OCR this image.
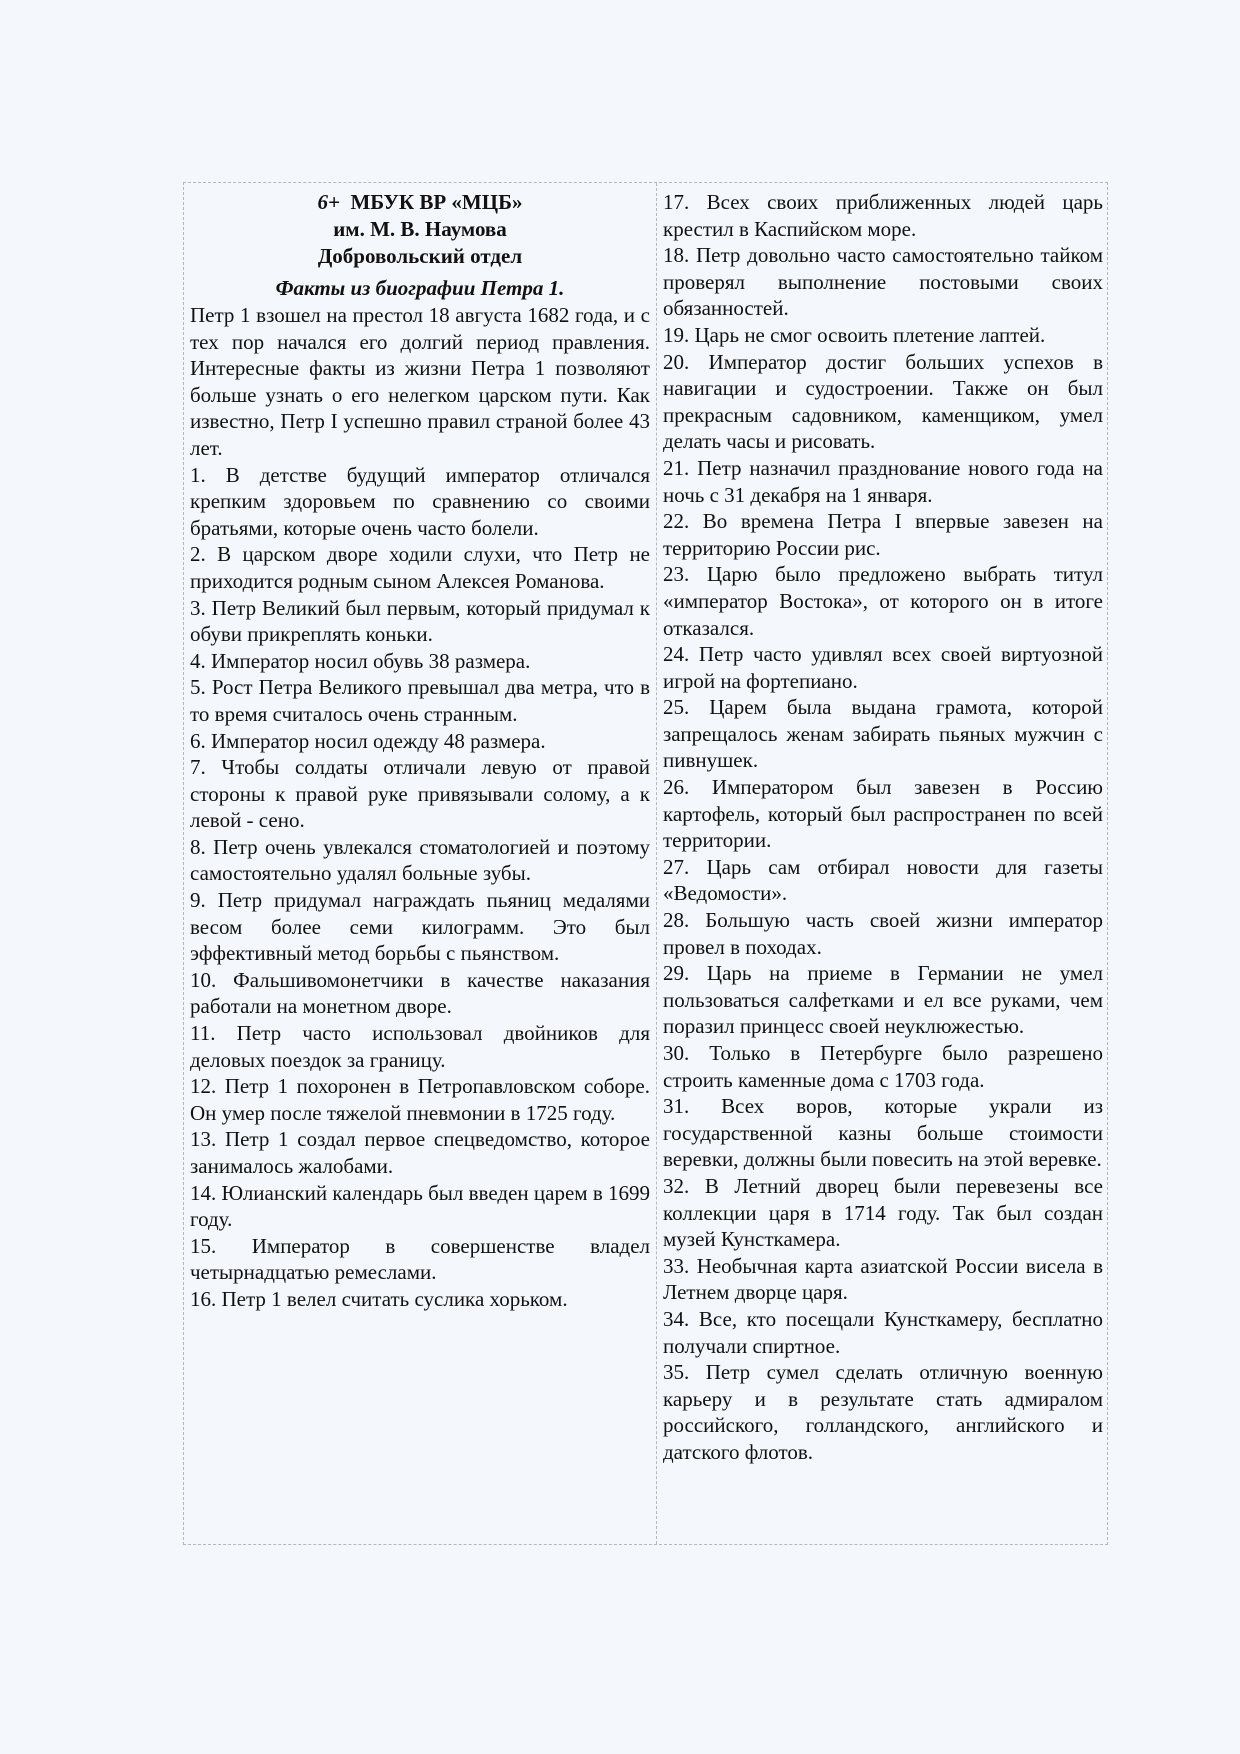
6+ МБУК ВР «МЦБ»

им. М. В. Наумова

Добровольский отдел

Факты из биографии Петра 1.

Петр 1 взошел на престол 18 августа 1682 года, и с тех пор начался его долгий период правления. Интересные факты из жизни Петра 1 позволяют больше узнать о его нелегком царском пути. Как известно, Петр I успешно правил страной более 43 лет.

1. В детстве будущий император отличался крепким здоровьем по сравнению со своими братьями, которые очень часто болели.

2. В царском дворе ходили слухи, что Петр не приходится родным сыном Алексея Романова.

3. Петр Великий был первым, который придумал к обуви прикреплять коньки.

4. Император носил обувь 38 размера.

5. Рост Петра Великого превышал два метра, что в то время считалось очень странным.

6. Император носил одежду 48 размера.

7. Чтобы солдаты отличали левую от правой стороны к правой руке привязывали солому, а к левой - сено.

8. Петр очень увлекался стоматологией и поэтому самостоятельно удалял больные зубы.

9. Петр придумал награждать пьяниц медалями весом более семи килограмм. Это был эффективный метод борьбы с пьянством.

10. Фальшивомонетчики в качестве наказания работали на монетном дворе.

11. Петр часто использовал двойников для деловых поездок за границу.

12. Петр 1 похоронен в Петропавловском соборе. Он умер после тяжелой пневмонии в 1725 году.

13. Петр 1 создал первое спецведомство, которое занималось жалобами.

14. Юлианский календарь был введен царем в 1699 году.

15. Император в совершенстве владел четырнадцатью ремеслами.

16. Петр 1 велел считать суслика хорьком.

17. Всех своих приближенных людей царь крестил в Каспийском море.

18. Петр довольно часто самостоятельно тайком проверял выполнение постовыми своих обязанностей.

19. Царь не смог освоить плетение лаптей.

20. Император достиг больших успехов в навигации и судостроении. Также он был прекрасным садовником, каменщиком, умел делать часы и рисовать.

21. Петр назначил празднование нового года на ночь с 31 декабря на 1 января.

22. Во времена Петра I впервые завезен на территорию России рис.

23. Царю было предложено выбрать титул «император Востока», от которого он в итоге отказался.

24. Петр часто удивлял всех своей виртуозной игрой на фортепиано.

25. Царем была выдана грамота, которой запрещалось женам забирать пьяных мужчин с пивнушек.

26. Императором был завезен в Россию картофель, который был распространен по всей территории.

27. Царь сам отбирал новости для газеты «Ведомости».

28. Большую часть своей жизни император провел в походах.

29. Царь на приеме в Германии не умел пользоваться салфетками и ел все руками, чем поразил принцесс своей неуклюжестью.

30. Только в Петербурге было разрешено строить каменные дома с 1703 года.

31. Всех воров, которые украли из государственной казны больше стоимости веревки, должны были повесить на этой веревке.

32. В Летний дворец были перевезены все коллекции царя в 1714 году. Так был создан музей Кунсткамера.

33. Необычная карта азиатской России висела в Летнем дворце царя.

34. Все, кто посещали Кунсткамеру, бесплатно получали спиртное.

35. Петр сумел сделать отличную военную карьеру и в результате стать адмиралом российского, голландского, английского и датского флотов.
